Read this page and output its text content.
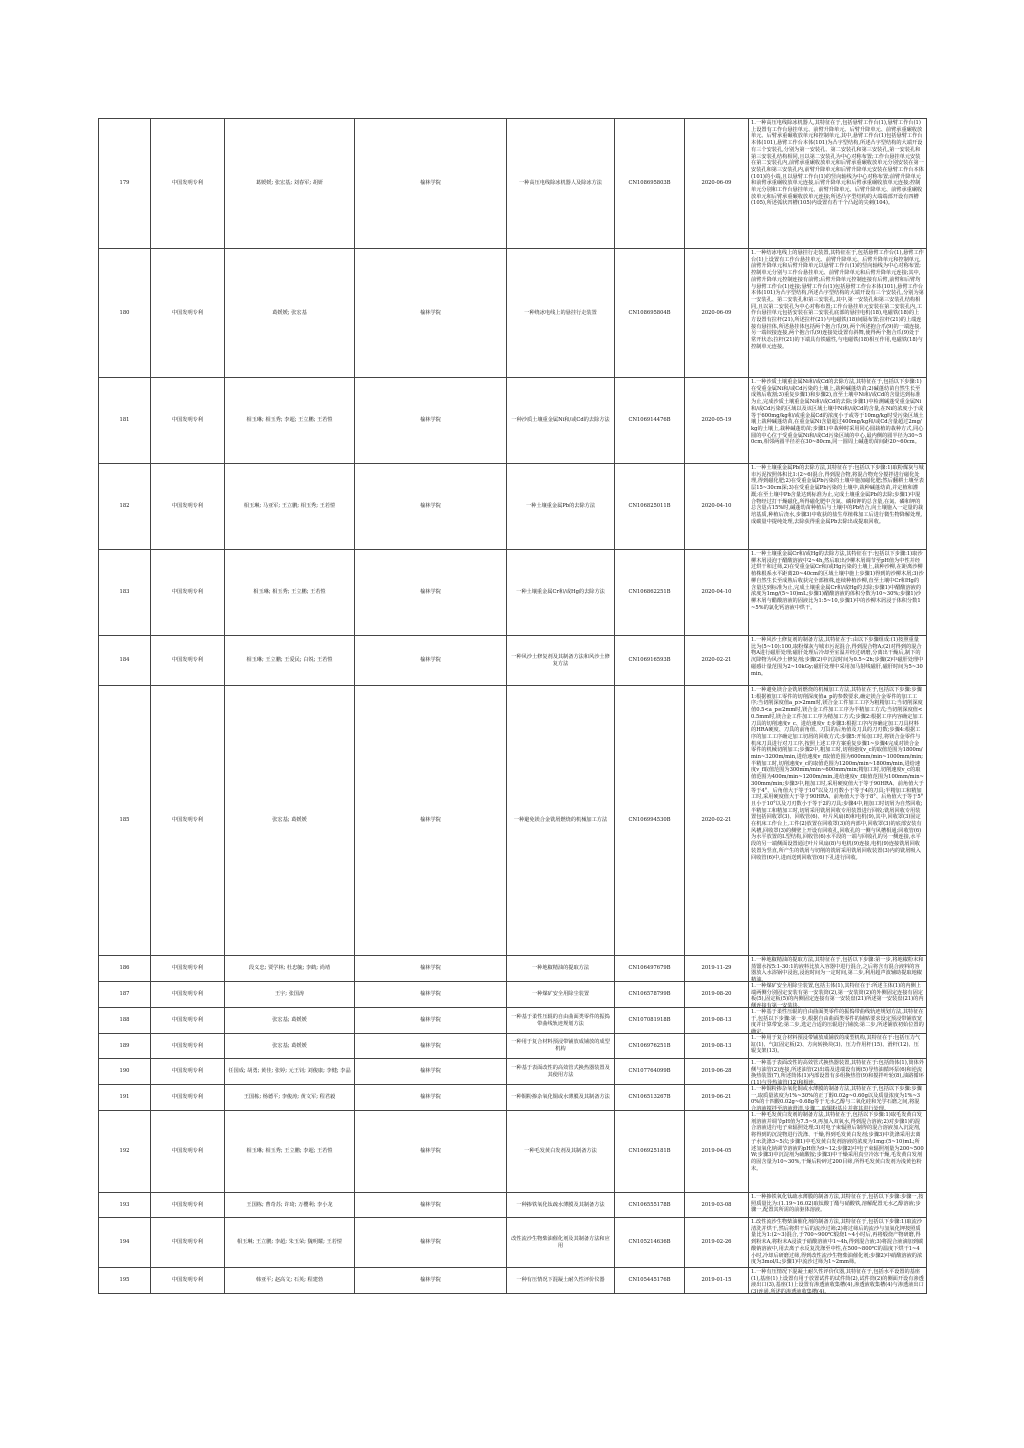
179	中国发明专利	葛媛媛; 张宏基; 刘春军; 胡妍	榆林学院	一种高压电线除冰机器人及除冰方法	CN108695803B	2020-06-09	1.一种高压电线除冰机器人,其特征在于,包括悬臂工作台(1),悬臂工作台(1)上设置有工作台悬挂单元、前臂升降单元、后臂升降单元、前臂承重碾收放单元、后臂承重碾收放单元和控制单元,其中,悬臂工作台(1)包括悬臂工作台本体(101),悬臂工作台本体(101)为凸字型结构,所述凸字型结构的大端开设有三个安装孔,分别为第一安装孔、第二安装孔和第三安装孔,第一安装孔和第三安装孔结构相同,且以第二安装孔为中心对称布置;工作台悬挂单元安装在第二安装孔内,前臂承重碾收放单元和后臂承重碾收放单元分别安装在第一安装孔和第三安装孔内,前臂升降单元和后臂升降单元安装在悬臂工作台本体(101)的小端,且以悬臂工作台(1)的竖向轴线为中心对称布置;前臂升降单元和前臂承重碾收放单元连接,后臂升降单元和后臂承重碾收放单元连接;控制单元分别和工作台悬挂单元、前臂升降单元、后臂升降单元、前臂承重碾收放单元和后臂承重碾收放单元连接;所述凸字型结构的大端端部开设有四槽(105),所述弧状凹槽(105)内设置有若干个凸起的尖刺(104)。

180	中国发明专利	葛媛媛; 张宏基	榆林学院	一种绕冰电线上的悬挂行走装置	CN108695804B	2020-06-09	1.一种结冰电线上的悬挂行走装置,其特征在于,包括悬臂工作台(1),悬臂工作台(1)上设置有工作台悬挂单元、前臂升降单元、后臂升降单元和控制单元,前臂升降单元和后臂升降单元以悬臂工作台(1)的竖向轴线为中心对称布置;控制单元分别与工作台悬挂单元、前臂升降单元和后臂升降单元连接;其中,前臂升降单元控制连接有前臂;后臂升降单元控制连接有后臂,前臂和后臂均与悬臂工作台(1)连接;悬臂工作台(1)包括悬臂工作台本体(101),悬臂工作台本体(101)为凸字型结构,所述凸字型结构的大端开设有三个安装孔,分别为第一安装孔、第二安装孔和第三安装孔,其中,第一安装孔和第三安装孔结构相同,且以第二安装孔为中心对称布置;工作台悬挂单元安装在第二安装孔内,工作台悬挂单元包括安装在第二安装孔底部的悬挂电机(18),电磁铁(18)的上方设置有拉杆(21),所述拉杆(21)与电磁铁(18)间隔布置;拉杆(21)的上端连接有悬挂体,所述悬挂体包括两个抱合爪(9),两个所述抱合爪(9)的一端连接,另一端铰接连接,两个抱合爪(9)连接处设置有斜舞,使得两个抱合爪(9)处于常开状态;拉杆(21)的下端具有铁磁性,与电磁铁(18)相互作用,电磁铁(18)与控制单元连接。

181	中国发明专利	相玉琳; 相玉秀; 李超; 王立鹏; 王若愷	榆林学院	一种沙质土壤重金属Ni和/或Cd的去除方法	CN106914476B	2020-05-19	1.一种沙质土壤重金属Ni和/或Cd的去除方法,其特征在于,包括以下步骤:1)在受重金属Ni和/或Cd污染的土壤上,栽种碱蓬幼苗;2)碱蓬幼苗自然生长至成熟后收割;3)重复步骤1)和步骤2),直至土壤中Ni和/或Cd的含量达到标准为止,完成沙质土壤重金属Ni和/或Cd的去除;步骤1)中检测碱蓬受重金属Ni和/或Cd污染的区域以及该区域土壤中Ni和/或Cd的含量,在Ni的浓度小于或等于600mg/kg和/或重金属Cd的浓度小于或等于10mg/kg时受污染区域土壤上栽种碱蓬幼苗,在重金属Ni含量超过400mg/kg和/或Cd含量超过2mg/kg的土壤上,栽种碱蓬幼苗;步骤1)中栽种时采用同心圆栽植的栽种方式,同心圆的中心位于受重金属Ni和/或Cd污染区域的中心,最内侧的圆半径为30~50cm,相邻两圆半径差在30~80cm,同一圆周上碱蓬幼苗间距20~60cm。

182	中国发明专利	相玉琳; 马亚军; 王立鹏; 相玉秀; 王若愷	榆林学院	一种土壤重金属Pb的去除方法	CN106825011B	2020-04-10	1.一种土壤重金属Pb的去除方法,其特征在于:包括以下步骤:1)取粉煤灰与城市污泥按照体积比1:(2~6)混合,得到混合物,将混合物充分搅拌进行磁化处理,得到磁化肥;2)在受重金属Pb污染的土壤中施加磁化肥;然后翻耕土壤至表层15~30cm深;3)在受重金属Pb污染的土壤中,栽种碱蓬幼苗,并定植和灌溉;在至土壤中Pb含量达到标准为止,完成土壤重金属Pb的去除;步骤1)中混合物经过打干燥磁化,所得磁化肥中含氮、磷和钾的总含量,在氮、磷和钾的总含量占15%时,碱蓬幼苗种植后与土壤中的Pb结合,向土壤施入一定量的栽培基质,种植后浇水,步骤3)中收获的盐生草植株加工后进行微生物降解处理,成碳量中提纯处理,去除获得重金属Pb去除出或提取回收。

183	中国发明专利	相玉琳; 相玉秀; 王立鹏; 王若愷	榆林学院	一种土壤重金属Cr和/或Hg的去除方法	CN106862251B	2020-04-10	1.一种土壤重金属Cr和/或Hg的去除方法,其特征在于:包括以下步骤:1)取沙柳木屑浸泡于醋酸溶液中2~4h,然后取出沙柳木屑调节至pH值为中性并经过烘干和过筛,2)在受重金属Cr和/或Hg污染的土壤上,栽种沙柳,在距离沙柳植株根系水平距离20~40cm的区域土壤中施上步骤1)得到的沙柳木屑;3)沙柳自然生长至成熟后收获完全部植株,连续种植沙柳,直至土壤中Cr和Hg的含量达到标准为止,完成土壤重金属Cr和/或Hg的去除;步骤1)中醋酸溶液的浓度为1mg/(5~10)mL;步骤1)醋酸溶液的体积分数为10~30%;步骤1)沙柳木屑与醋酸溶液的固液比为1:5~10,步骤1)中的沙柳木屑浸于体积分数1~5%的氯化钙溶液中烘干。

184	中国发明专利	相玉琳; 王立鹏; 王爱民; 白锐; 王若愷	榆林学院	一种风沙土修复剂及其制备方法和风沙土修复方法	CN106916593B	2020-02-21	1.一种风沙土修复剂的制备方法,其特征在于:由以下步骤组成:(1)按照重量比为(5~10):100,取粉煤灰与城市污泥混合,得到混合物A;(2)对得到的混合物A进行磁肝处理;磁肝处理后冷却至室温并经过研磨,分离出干燥后,制下的沉降物为风沙土修复剂;步骤(2)中沉淀时间为0.5~2h;步骤(2)中磁肝处理中磁感计量范围为2~10kGy;磁肝处理中采用加马射线磁肝,磁肝时间为5~30min。

185	中国发明专利	张宏基; 葛媛媛	榆林学院	一种避免镁合金铣屑燃烧的机械加工方法	CN106994530B	2020-02-21	1.一种避免镁合金铣屑燃烧的机械加工方法,其特征在于,包括以下步骤:步骤1:根据被加工零件的切削深度值a_p的参数要求,确定镁合金零件的加工工序;当切削深度值a_p>2mm时,镁合金工件加工工序为粗精加工;当切削深度值0.5<a_p≤2mm时,镁合金工件加工工序为半精加工方式;当切削深度值<0.5mm时,镁合金工件加工工序为精加工方式;步骤2:根据工序内容确定加工刀具的切削速度v_c、进给速度v_f;步骤3:根据工序内容确定加工刀具材料的HRA硬度、刀具的前角值、刀具的后角值及刀具的刀刃数;步骤4:根据工序的加工工序确定加工切屑的回收方式;步骤5:开始加工时,将镁合金零件与机床刀具进行对刀工序,按照上述工序方案重复步骤1~步骤4完成对镁合金零件的机械切削加工;步骤2中,粗加工时,切削速度v_c的取值范围为1800m/min~3200m/min,进给速度v_f取值范围为600mm/min~1000mm/min;半精加工时,切削速度v_c的取值范围为1200m/min~1800m/min,进给速度v_f取值范围为300mm/min~600mm/min;精加工时,切削速度v_c的取值范围为400m/min~1200m/min,进给速度v_f取值范围为100mm/min~300mm/min;步骤3中,粗加工时,采用硬度值大于等于90HRA、前角值大于等于4°、后角值大于等于10°以及刀刃数小于等于4的刀具;半精加工和精加工时,采用硬度值大于等于90HRA、前角值大于等于8°、后角值大于等于5°且小于10°以及刀刃数小于等于2的刀具;步骤4中,粗加工时切屑为自然回收;半精加工和精加工时,切屑采用铣屑回收专用装置进行回收;铣屑回收专用装置包括回收罩(3)、回收管(6)、叶片风扇(8)和电机(9),其中,回收罩(3)固定在机床工作台上,工件(2)放置在回收罩(3)的内部中,回收罩(3)的底部安装有风槽,回收罩(3)的侧壁上开设有回收孔,回收孔的一侧与风槽相通;回收管(6)为水平放置的L型结构,回收管(6)水平段的一端与回收孔的另一侧连接,水平段的另一端侧面设置通过叶片风扇(8)与电机(9)连接,电机(9)连接铣屑回收装置为竖直,所产生的铣屑与切削的铣屑采用铣屑回收装置(3)内的铣屑吸入回收管(6)中,进而送到回收管(6)下孔进行回收。

186	中国发明专利	段义忠; 贾学林; 杜忠毓; 李鹤; 尚靖	榆林学院	一种地椒精油的提取方法	CN106497679B	2019-11-29	1.一种地椒精油的提取方法,其特征在于,包括以下步骤:第一步,将地椒粉末和蒸馏水按5:1-30:1的液料比放入容器中进行混合,之后将含有混合液料的容器放入水浴锅中浸泡,浸泡时间为一定时间,第二步,利用超声波辅助提取地椒精油。

187	中国发明专利	王宇; 张国涛	榆林学院	一种煤矿安全用除尘装置	CN106578799B	2019-08-20	1.一种煤矿安全用除尘装置,包括主体(1),其特征在于:所述主体(1)的内侧上端两侧分别固定安装有第一安装筒(2),第一安装筒(2)的外侧固定连接有固定板(5),固定板(5)的内侧固定连接有第一安装盘(21)所述第一安装盘(21)的内侧连接有第一安装块。

188	中国发明专利	张宏基; 葛媛媛	榆林学院	一种基于柔性压辊的自由曲面类零件的振捣带曲线轨迹规划方法	CN107081918B	2019-08-13	1.一种基于柔性压辊的自由曲面类零件的振捣带曲线轨迹规划方法,其特征在于,包括以下步骤:第一步,根据自由曲面类零件的铺贴要求设定预浸带铺放宽度并计算带宽;第二步,选定合适的压辊进行铺放;第二步,所述铺放初始位置的确定。

189	中国发明专利	张宏基; 葛媛媛	榆林学院	一种用于复合材料预浸带铺放成铺放的成型机构	CN106976251B	2019-08-13	1.一种用于复合材料预浸带铺放成铺放的成型机构,其特征在于:包括压力气缸(1)、气缸固定板(2)、方向转换块(3)、压力作用杆(15)、滑杆(12)、压辊支架(13)。

190	中国发明专利	任国成; 胡勇; 黄佳; 张婷; 元王钊; 刘俊康; 李健; 李晶	榆林学院	一种基于表面改性的高效管式换热器装置及其使用方法	CN107764099B	2019-06-28	1.一种基于表面改性的高效管式换热器装置,其特征在于:包括筒体(1),筒体外侧与油管(2)连接,所述油管(2)出端及进端设有阀(5)导热油循环泵(6)和逆流换热装置(7),所述筒体(1)内部设置有多组换热管(9)和搅拌叶轮(8),油路循环(11)与导热油管(12)和相连。

191	中国发明专利	王国栋; 杨德平; 李俊涛; 黄文军; 程君毅	榆林学院	一种铜粉掺杂氧化铜或水薄膜及其制备方法	CN106513267B	2019-06-21	1.一种铜粉掺杂氧化铜或水薄膜的制备方法,其特征在于,包括以下步骤:步骤一,取质量浓度为1%~30%的正丁醇0.02g~0.60g以及质量浓度为1%~30%的十四酸0.02g~0.68g等于无水乙醇与二氧化硅和光学石磨之间,将混合溶液搅拌至溶液澄清,步骤二,取铜粉基片并将其进行处理。

192	中国发明专利	相玉琳; 相玉秀; 王立鹏; 李超; 王若愷	榆林学院	一种毛发黄白发剂及其制备方法	CN106925181B	2019-04-05	1.一种毛发黄白发剂的制备方法,其特征在于,包括以下步骤:1)取毛发黄白发剂溶液并调节pH值为7.5~9,再加入双氧水,得到混合溶液;2)对步骤1)的混合溶液进行电子束辐照处理;3)对电子束辐照后制得的混合溶液加入沉淀剂,将得到的沉淀物进行洗涤、干燥,得到毛发黄白发剂;步骤3)中洗涤采用去离子水洗涤3~5次;步骤1)中毛发黄白发剂溶液的浓度为1mg:(5~10)mL;所述氢氧化钠调节溶液的pH值为9~12;步骤2)中电子束辐照剂量为200~500W;步骤3)中沉淀剂为硫酸铵;步骤3)中干燥采用真空冷冻干燥,毛发黄白发剂的固含量为10~30%,干燥后粉碎过200目筛,所得毛发黄白发剂为浅黄色粉末。

193	中国发明专利	王国栋; 曹奇苏; 许琦; 万樱利; 李小龙	榆林学院	一种掺铁氧化钛疏水薄膜及其制备方法	CN106555178B	2019-03-08	1.一种掺铁氧化钛疏水薄膜的制备方法,其特征在于,包括以下步骤:步骤一,按照质量比为:(1.19~16.02)取钛酸丁酯与硝酸铁,溶解配置无水乙醇溶液;步骤一,配置其所需的前驱体溶液。

194	中国发明专利	相玉琳; 王立鹏; 李超; 朱玉荣; 魏明耀; 王若愷	榆林学院	改性流沙生物柴油催化剂及其制备方法和应用	CN105214636B	2019-02-26	1.改性流沙生物柴油催化剂的制备方法,其特征在于,包括以下步骤:1)取流沙清洗并烘干,然后将烘干后的流沙过筛;2)将过筛后的流沙与氢氧化钾按照质量比为1:(2~3)混合,于700~900℃煅烧1~4小时后,再将煅烧产物研磨,得到粉末A,将粉末A浸渍于硝酸溶液中1~4h,得到混合液;3)将混合液滴加到碳酸钠溶液中,用去离子水反复洗涤至中性,在500~800℃的温度下烘干1~4小时,冷却后研磨过筛,得到改性流沙生物柴油催化剂;步骤2)中硝酸溶液的浓度为3mol/L;步骤1)中流沙过筛为1~2mm筛。

195	中国发明专利	韩亚平; 赵高文; 石英; 程建勃	榆林学院	一种有压情况下混凝土耐久性评价仪器	CN105445176B	2019-01-15	1.一种有压情况下混凝土耐久性评价仪器,其特征在于,包括水平设置的基座(1),基座(1)上设置有用于放置试件的试件筒(2),试件筒(2)的侧面开设有渗透液出口(3),基座(1)上设置有渗透液收集槽(4),渗透液收集槽(4)与渗透液出口(3)连通,所述的渗透液收集槽(4)。
